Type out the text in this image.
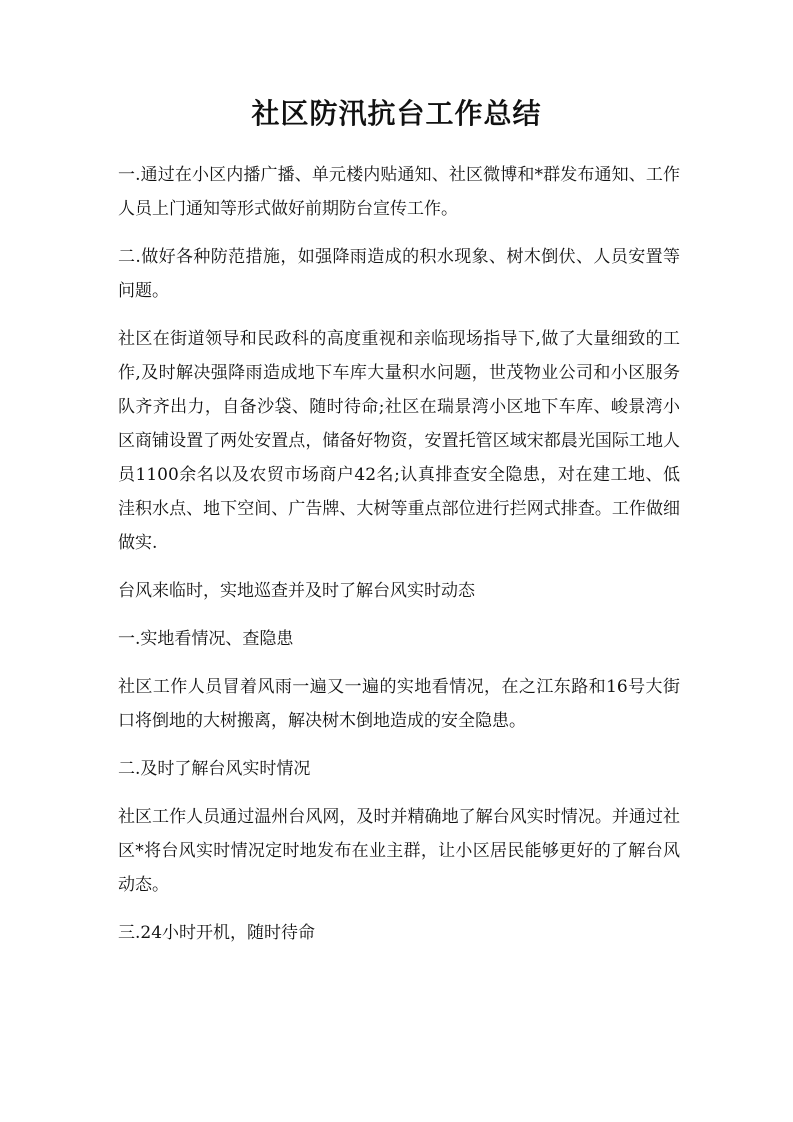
社区防汛抗台工作总结

一.通过在小区内播广播、单元楼内贴通知、社区微博和*群发布通知、工作人员上门通知等形式做好前期防台宣传工作。

二.做好各种防范措施，如强降雨造成的积水现象、树木倒伏、人员安置等问题。

社区在街道领导和民政科的高度重视和亲临现场指导下,做了大量细致的工作,及时解决强降雨造成地下车库大量积水问题，世茂物业公司和小区服务队齐齐出力，自备沙袋、随时待命;社区在瑞景湾小区地下车库、峻景湾小区商铺设置了两处安置点，储备好物资，安置托管区域宋都晨光国际工地人员1100余名以及农贸市场商户42名;认真排查安全隐患，对在建工地、低洼积水点、地下空间、广告牌、大树等重点部位进行拦网式排查。工作做细做实.

台风来临时，实地巡查并及时了解台风实时动态

一.实地看情况、查隐患

社区工作人员冒着风雨一遍又一遍的实地看情况，在之江东路和16号大街口将倒地的大树搬离，解决树木倒地造成的安全隐患。

二.及时了解台风实时情况

社区工作人员通过温州台风网，及时并精确地了解台风实时情况。并通过社区*将台风实时情况定时地发布在业主群，让小区居民能够更好的了解台风动态。

三.24小时开机，随时待命
